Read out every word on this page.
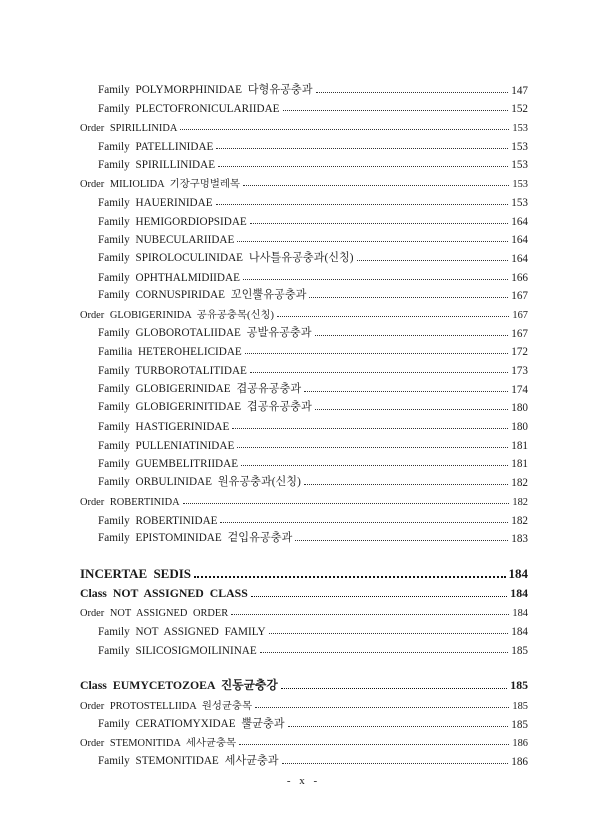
Family POLYMORPHINIDAE 다형유공충과	147
Family PLECTOFRONICULARIIDAE	152
Order SPIRILLINIDA	153
Family PATELLINIDAE	153
Family SPIRILLINIDAE	153
Order MILIOLIDA 기장구멍벌레목	153
Family HAUERINIDAE	153
Family HEMIGORDIOPSIDAE	164
Family NUBECULARIIDAE	164
Family SPIROLOCULINIDAE 나사틀유공충과(신칭)	164
Family OPHTHALMIDIIDAE	166
Family CORNUSPIRIDAE 꼬인뿔유공충과	167
Order GLOBIGERINIDA 공유공충목(신칭)	167
Family GLOBOROTALIIDAE 공발유공충과	167
Familia HETEROHELICIDAE	172
Family TURBOROTALITIDAE	173
Family GLOBIGERINIDAE 겹공유공충과	174
Family GLOBIGERINITIDAE 겹공유공충과	180
Family HASTIGERINIDAE	180
Family PULLENIATINIDAE	181
Family GUEMBELITRIIDAE	181
Family ORBULINIDAE 원유공충과(신칭)	182
Order ROBERTINIDA	182
Family ROBERTINIDAE	182
Family EPISTOMINIDAE 겉입유공충과	183
INCERTAE SEDIS	184
Class NOT ASSIGNED CLASS	184
Order NOT ASSIGNED ORDER	184
Family NOT ASSIGNED FAMILY	184
Family SILICOSIGMOILININAE	185
Class EUMYCETOZOEA 진동균충강	185
Order PROTOSTELLIIDA 원성균충목	185
Family CERATIOMYXIDAE 뿔균충과	185
Order STEMONITIDA 세사균충목	186
Family STEMONITIDAE 세사균충과	186
- x -
